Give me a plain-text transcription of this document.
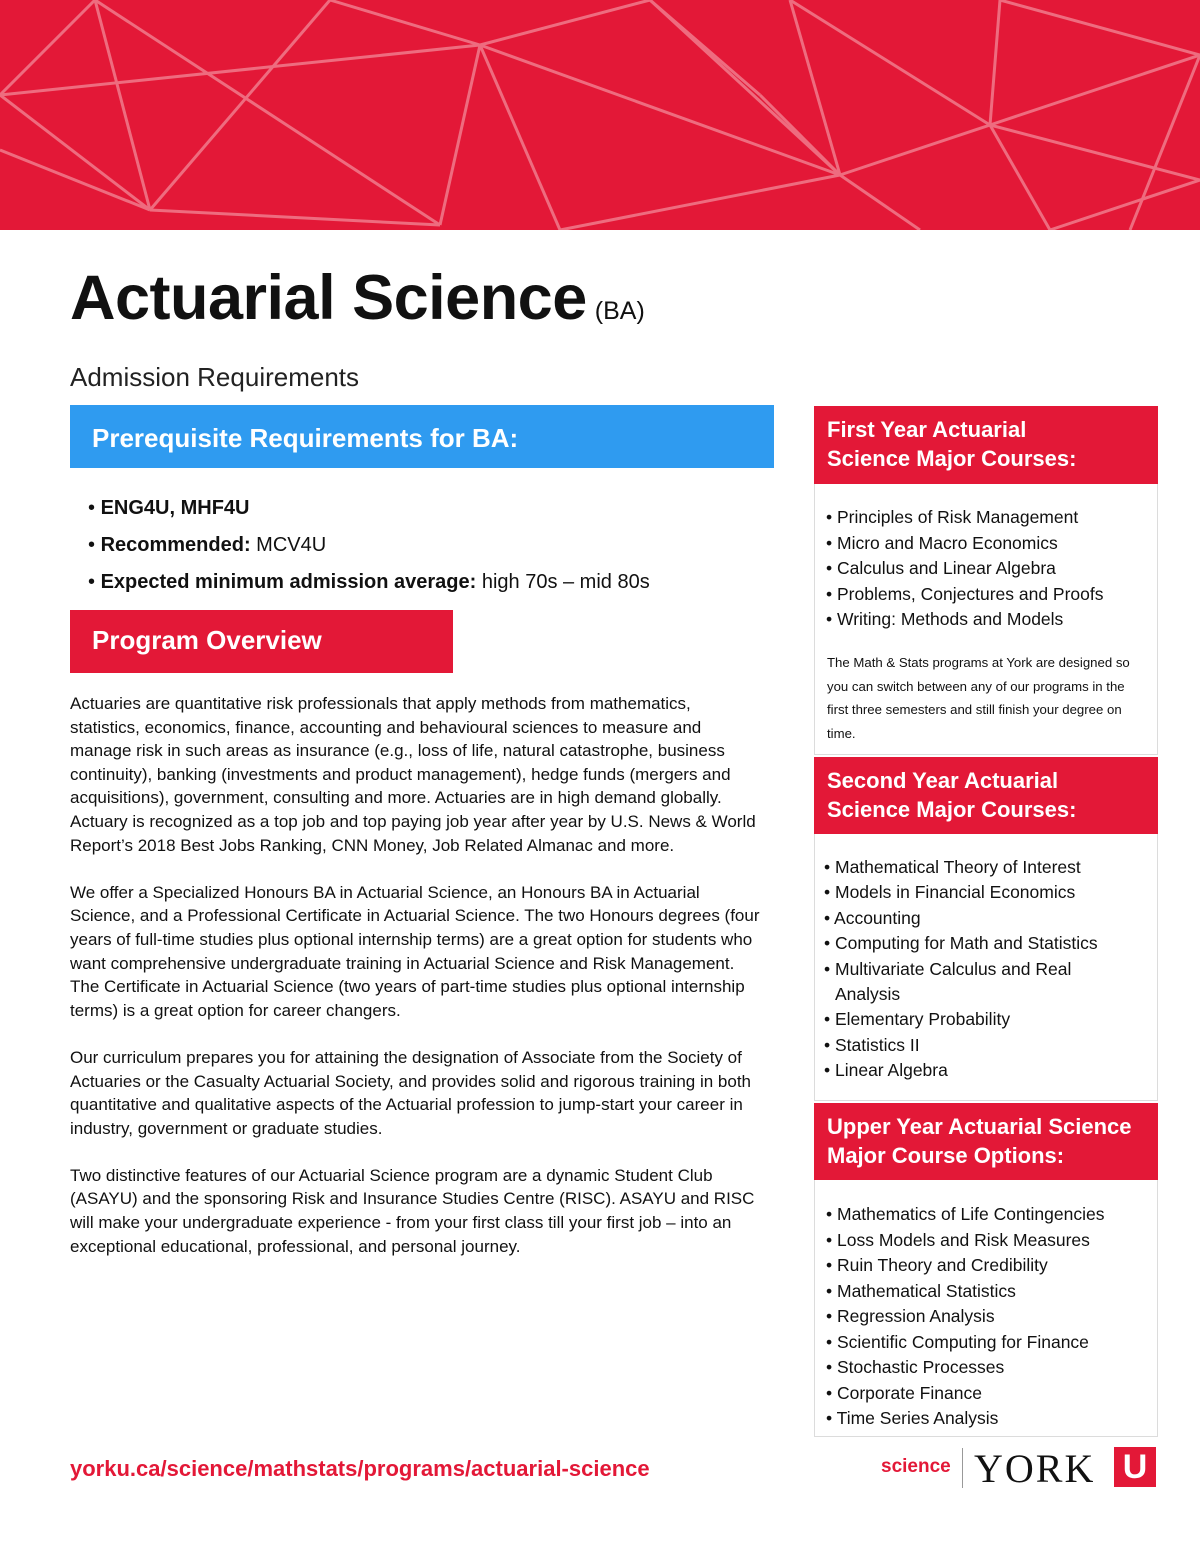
Actuarial Science (BA)
Admission Requirements
Prerequisite Requirements for BA:
• ENG4U, MHF4U
• Recommended: MCV4U
• Expected minimum admission average: high 70s – mid 80s
Program Overview

Actuaries are quantitative risk professionals that apply methods from mathematics, statistics, economics, finance, accounting and behavioural sciences to measure and manage risk in such areas as insurance (e.g., loss of life, natural catastrophe, business continuity), banking (investments and product management), hedge funds (mergers and acquisitions), government, consulting and more. Actuaries are in high demand globally. Actuary is recognized as a top job and top paying job year after year by U.S. News & World Report’s 2018 Best Jobs Ranking, CNN Money, Job Related Almanac and more.

We offer a Specialized Honours BA in Actuarial Science, an Honours BA in Actuarial Science, and a Professional Certificate in Actuarial Science. The two Honours degrees (four years of full-time studies plus optional internship terms) are a great option for students who want comprehensive undergraduate training in Actuarial Science and Risk Management. The Certificate in Actuarial Science (two years of part-time studies plus optional internship terms) is a great option for career changers.

Our curriculum prepares you for attaining the designation of Associate from the Society of Actuaries or the Casualty Actuarial Society, and provides solid and rigorous training in both quantitative and qualitative aspects of the Actuarial profession to jump-start your career in industry, government or graduate studies.

Two distinctive features of our Actuarial Science program are a dynamic Student Club (ASAYU) and the sponsoring Risk and Insurance Studies Centre (RISC). ASAYU and RISC will make your undergraduate experience - from your first class till your first job – into an exceptional educational, professional, and personal journey.

yorku.ca/science/mathstats/programs/actuarial-science
First Year Actuarial
Science Major Courses:
• Principles of Risk Management
• Micro and Macro Economics
• Calculus and Linear Algebra
• Problems, Conjectures and Proofs
• Writing: Methods and Models
The Math & Stats programs at York are designed so you can switch between any of our programs in the first three semesters and still finish your degree on time.
Second Year Actuarial
Science Major Courses:
• Mathematical Theory of Interest
• Models in Financial Economics
• Accounting
• Computing for Math and Statistics
• Multivariate Calculus and Real
Analysis
• Elementary Probability
• Statistics II
• Linear Algebra
Upper Year Actuarial Science
Major Course Options:
• Mathematics of Life Contingencies
• Loss Models and Risk Measures
• Ruin Theory and Credibility
• Mathematical Statistics
• Regression Analysis
• Scientific Computing for Finance
• Stochastic Processes
• Corporate Finance
• Time Series Analysis
science YORK U
